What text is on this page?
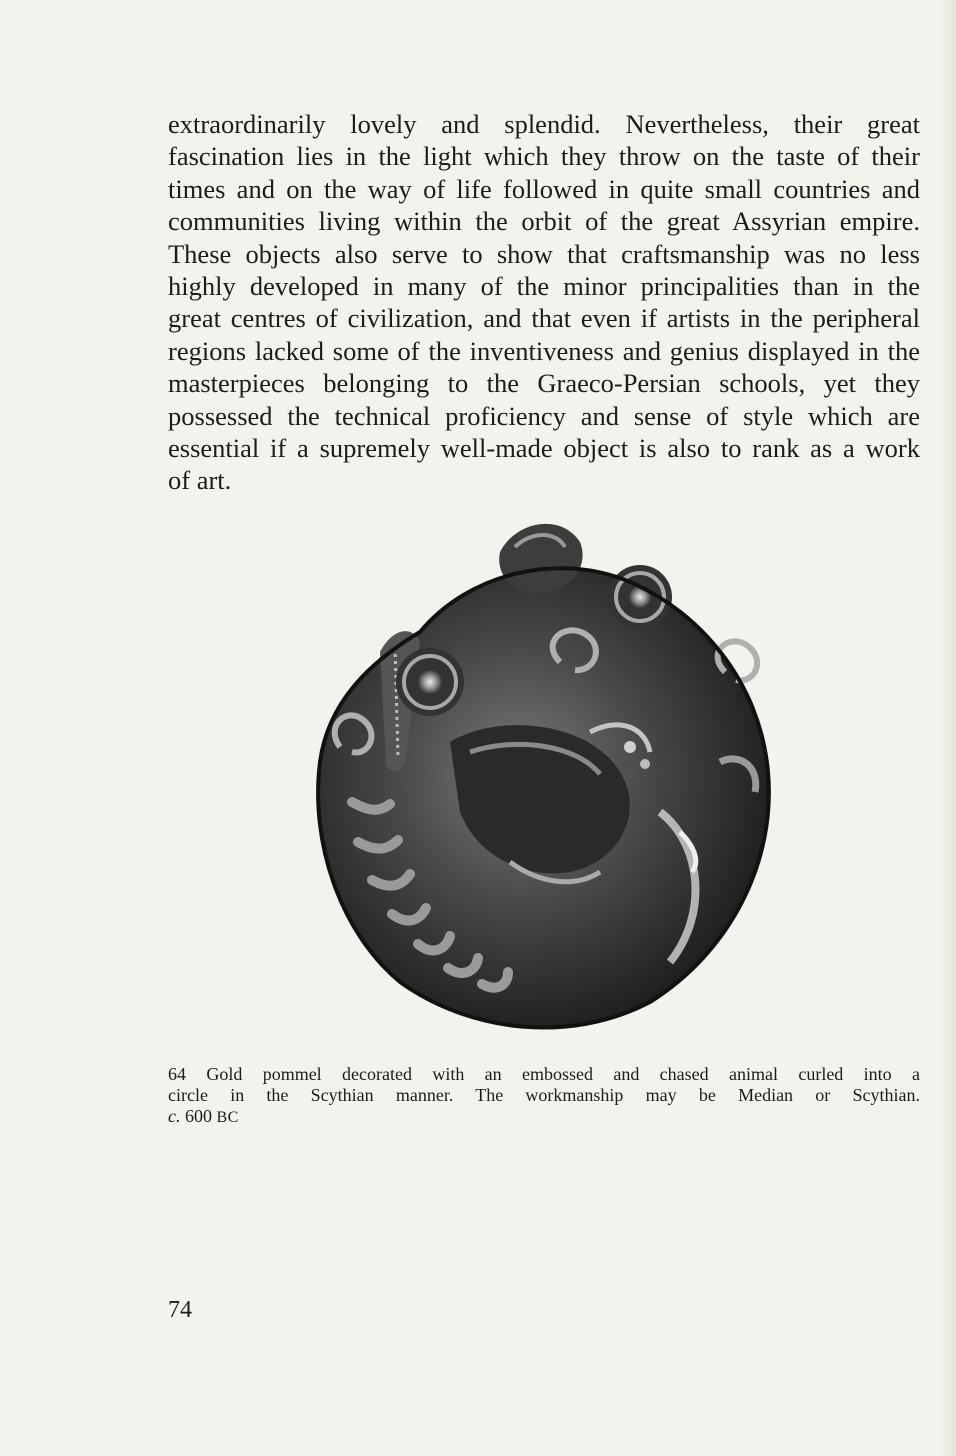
extraordinarily lovely and splendid. Nevertheless, their great
fascination lies in the light which they throw on the taste of their
times and on the way of life followed in quite small countries and
communities living within the orbit of the great Assyrian empire.
These objects also serve to show that craftsmanship was no less
highly developed in many of the minor principalities than in the
great centres of civilization, and that even if artists in the peripheral
regions lacked some of the inventiveness and genius displayed in the
masterpieces belonging to the Graeco-Persian schools, yet they
possessed the technical proficiency and sense of style which are
essential if a supremely well-made object is also to rank as a work
of art.
64 Gold pommel decorated with an embossed and chased animal curled into a
circle in the Scythian manner. The workmanship may be Median or Scythian.
c. 600 BC
74
